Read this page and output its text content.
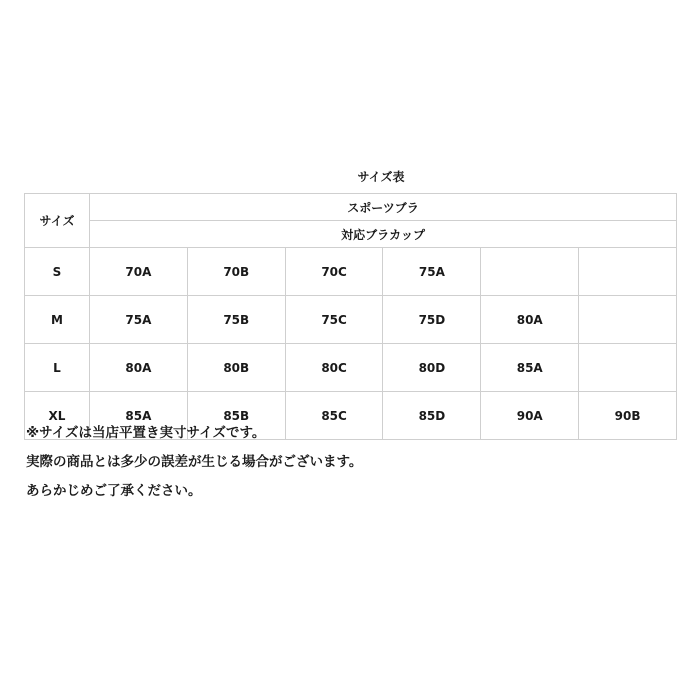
サイズ表
サイズ	スポーツブラ					
	対応ブラカップ					
S	70A	70B	70C	75A		
M	75A	75B	75C	75D	80A	
L	80A	80B	80C	80D	85A	
XL	85A	85B	85C	85D	90A	90B
※サイズは当店平置き実寸サイズです。
実際の商品とは多少の誤差が生じる場合がございます。
あらかじめご了承ください。
